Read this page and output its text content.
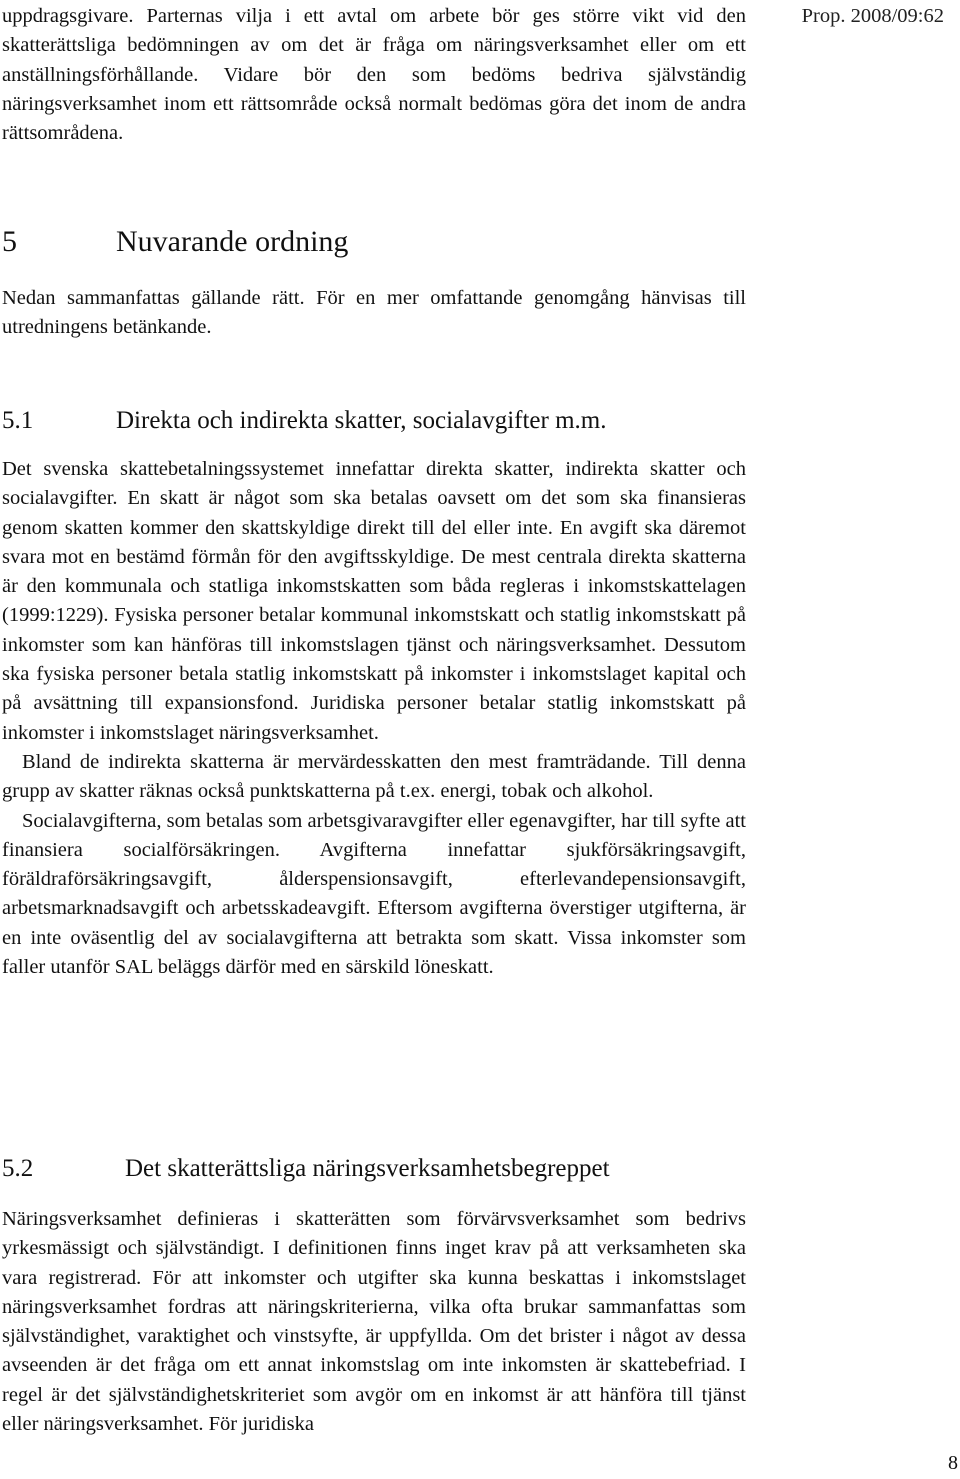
Prop. 2008/09:62

uppdragsgivare. Parternas vilja i ett avtal om arbete bör ges större vikt vid den skatterättsliga bedömningen av om det är fråga om näringsverksamhet eller om ett anställningsförhållande. Vidare bör den som bedöms bedriva självständig näringsverksamhet inom ett rättsområde också normalt bedömas göra det inom de andra rättsområdena.

5	Nuvarande ordning

Nedan sammanfattas gällande rätt. För en mer omfattande genomgång hänvisas till utredningens betänkande.

5.1	Direkta och indirekta skatter, socialavgifter m.m.

Det svenska skattebetalningssystemet innefattar direkta skatter, indirekta skatter och socialavgifter. En skatt är något som ska betalas oavsett om det som ska finansieras genom skatten kommer den skattskyldige direkt till del eller inte. En avgift ska däremot svara mot en bestämd förmån för den avgiftsskyldige. De mest centrala direkta skatterna är den kommunala och statliga inkomstskatten som båda regleras i inkomstskattelagen (1999:1229). Fysiska personer betalar kommunal inkomstskatt och statlig inkomstskatt på inkomster som kan hänföras till inkomstslagen tjänst och näringsverksamhet. Dessutom ska fysiska personer betala statlig inkomstskatt på inkomster i inkomstslaget kapital och på avsättning till expansionsfond. Juridiska personer betalar statlig inkomstskatt på inkomster i inkomstslaget näringsverksamhet.

Bland de indirekta skatterna är mervärdesskatten den mest framträdande. Till denna grupp av skatter räknas också punktskatterna på t.ex. energi, tobak och alkohol.

Socialavgifterna, som betalas som arbetsgivaravgifter eller egenavgifter, har till syfte att finansiera socialförsäkringen. Avgifterna innefattar sjukförsäkringsavgift, föräldraförsäkringsavgift, ålderspensionsavgift, efterlevandepensionsavgift, arbetsmarknadsavgift och arbetsskadeavgift. Eftersom avgifterna överstiger utgifterna, är en inte oväsentlig del av socialavgifterna att betrakta som skatt. Vissa inkomster som faller utanför SAL beläggs därför med en särskild löneskatt.

5.2	Det skatterättsliga näringsverksamhetsbegreppet

Näringsverksamhet definieras i skatterätten som förvärvsverksamhet som bedrivs yrkesmässigt och självständigt. I definitionen finns inget krav på att verksamheten ska vara registrerad. För att inkomster och utgifter ska kunna beskattas i inkomstslaget näringsverksamhet fordras att näringskriterierna, vilka ofta brukar sammanfattas som självständighet, varaktighet och vinstsyfte, är uppfyllda. Om det brister i något av dessa avseenden är det fråga om ett annat inkomstslag om inte inkomsten är skattebefriad. I regel är det självständighetskriteriet som avgör om en inkomst är att hänföra till tjänst eller näringsverksamhet. För juridiska

8
